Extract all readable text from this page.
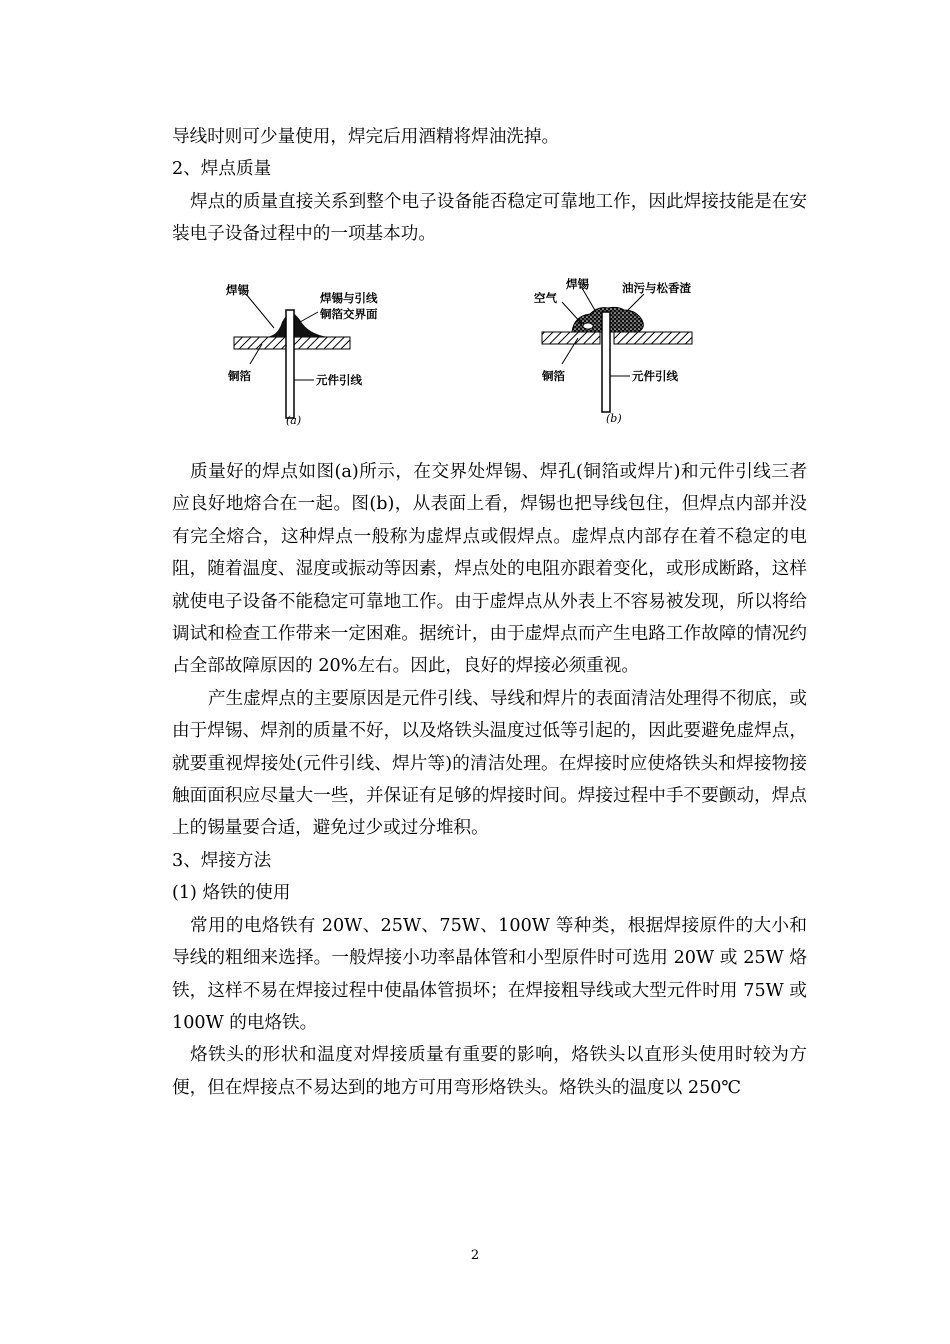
导线时则可少量使用，焊完后用酒精将焊油洗掉。

2、焊点质量

焊点的质量直接关系到整个电子设备能否稳定可靠地工作，因此焊接技能是在安装电子设备过程中的一项基本功。

焊锡
焊锡与引线
铜箔交界面
铜箔	元件引线
(a)
空气
焊锡	油污与松香渣
铜箔	元件引线
(b)

质量好的焊点如图(a)所示，在交界处焊锡、焊孔(铜箔或焊片)和元件引线三者应良好地熔合在一起。图(b)，从表面上看，焊锡也把导线包住，但焊点内部并没有完全熔合，这种焊点一般称为虚焊点或假焊点。虚焊点内部存在着不稳定的电阻，随着温度、湿度或振动等因素，焊点处的电阻亦跟着变化，或形成断路，这样就使电子设备不能稳定可靠地工作。由于虚焊点从外表上不容易被发现，所以将给调试和检查工作带来一定困难。据统计，由于虚焊点而产生电路工作故障的情况约占全部故障原因的 20%左右。因此，良好的焊接必须重视。

产生虚焊点的主要原因是元件引线、导线和焊片的表面清洁处理得不彻底，或由于焊锡、焊剂的质量不好，以及烙铁头温度过低等引起的，因此要避免虚焊点，就要重视焊接处(元件引线、焊片等)的清洁处理。在焊接时应使烙铁头和焊接物接触面面积应尽量大一些，并保证有足够的焊接时间。焊接过程中手不要颤动，焊点上的锡量要合适，避免过少或过分堆积。

3、焊接方法

(1) 烙铁的使用

常用的电烙铁有 20W、25W、75W、100W 等种类，根据焊接原件的大小和导线的粗细来选择。一般焊接小功率晶体管和小型原件时可选用 20W 或 25W 烙铁，这样不易在焊接过程中使晶体管损坏；在焊接粗导线或大型元件时用 75W 或 100W 的电烙铁。

烙铁头的形状和温度对焊接质量有重要的影响，烙铁头以直形头使用时较为方便，但在焊接点不易达到的地方可用弯形烙铁头。烙铁头的温度以 250℃

2
